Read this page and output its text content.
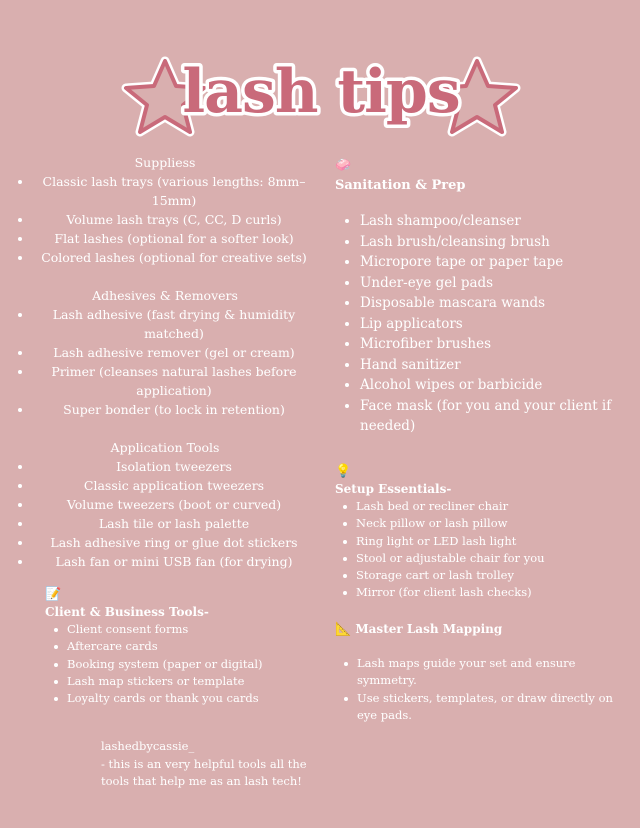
lash tips
Suppliess
Classic lash trays (various lengths: 8mm– 15mm)
Volume lash trays (C, CC, D curls)
Flat lashes (optional for a softer look)
Colored lashes (optional for creative sets)
Adhesives & Removers
Lash adhesive (fast drying & humidity matched)
Lash adhesive remover (gel or cream)
Primer (cleanses natural lashes before application)
Super bonder (to lock in retention)
Application Tools
Isolation tweezers
Classic application tweezers
Volume tweezers (boot or curved)
Lash tile or lash palette
Lash adhesive ring or glue dot stickers
Lash fan or mini USB fan (for drying)
📝
Client & Business Tools-
Client consent forms
Aftercare cards
Booking system (paper or digital)
Lash map stickers or template
Loyalty cards or thank you cards
lashedbycassie_
- this is an very helpful tools all the tools that help me as an lash tech!
🧼
Sanitation & Prep
Lash shampoo/cleanser
Lash brush/cleansing brush
Micropore tape or paper tape
Under-eye gel pads
Disposable mascara wands
Lip applicators
Microfiber brushes
Hand sanitizer
Alcohol wipes or barbicide
Face mask (for you and your client if needed)
💡
Setup Essentials-
Lash bed or recliner chair
Neck pillow or lash pillow
Ring light or LED lash light
Stool or adjustable chair for you
Storage cart or lash trolley
Mirror (for client lash checks)
📐 Master Lash Mapping
Lash maps guide your set and ensure symmetry.
Use stickers, templates, or draw directly on eye pads.
